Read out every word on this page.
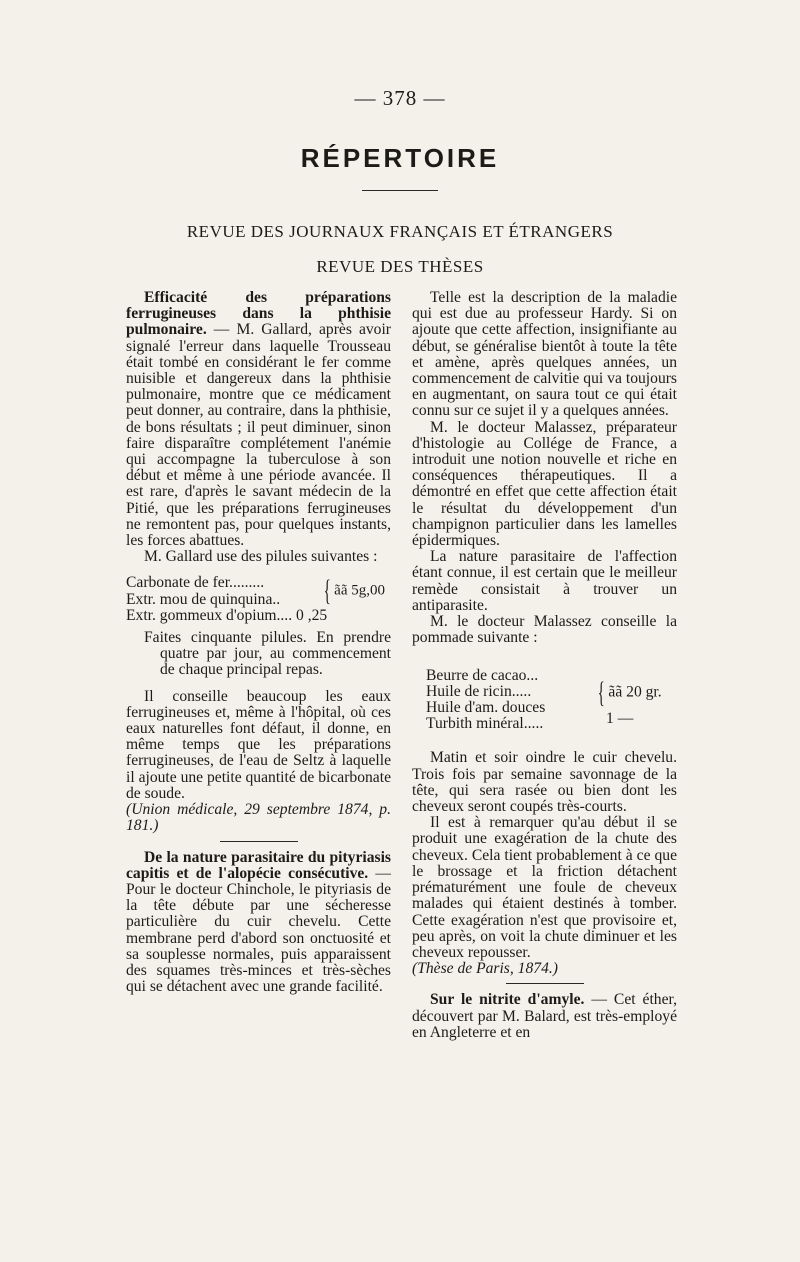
— 378 —
RÉPERTOIRE
REVUE DES JOURNAUX FRANÇAIS ET ÉTRANGERS
REVUE DES THÈSES

Efficacité des préparations ferrugineuses dans la phthisie pulmonaire. — M. Gallard, après avoir signalé l'erreur dans laquelle Trousseau était tombé en considérant le fer comme nuisible et dangereux dans la phthisie pulmonaire, montre que ce médicament peut donner, au contraire, dans la phthisie, de bons résultats ; il peut diminuer, sinon faire disparaître complétement l'anémie qui accompagne la tuberculose à son début et même à une période avancée. Il est rare, d'après le savant médecin de la Pitié, que les préparations ferrugineuses ne remontent pas, pour quelques instants, les forces abattues.

M. Gallard use des pilules suivantes :

Carbonate de fer.........
Extr. mou de quinquina..
Extr. gommeux d'opium.... 0 ,25
{ ãã 5g,00

Faites cinquante pilules. En prendre quatre par jour, au commencement de chaque principal repas.

Il conseille beaucoup les eaux ferrugineuses et, même à l'hôpital, où ces eaux naturelles font défaut, il donne, en même temps que les préparations ferrugineuses, de l'eau de Seltz à laquelle il ajoute une petite quantité de bicarbonate de soude.

(Union médicale, 29 septembre 1874, p. 181.)

De la nature parasitaire du pityriasis capitis et de l'alopécie consécutive. — Pour le docteur Chinchole, le pityriasis de la tête débute par une sécheresse particulière du cuir chevelu. Cette membrane perd d'abord son onctuosité et sa souplesse normales, puis apparaissent des squames très-minces et très-sèches qui se détachent avec une grande facilité.

Telle est la description de la maladie qui est due au professeur Hardy. Si on ajoute que cette affection, insignifiante au début, se généralise bientôt à toute la tête et amène, après quelques années, un commencement de calvitie qui va toujours en augmentant, on saura tout ce qui était connu sur ce sujet il y a quelques années.

M. le docteur Malassez, préparateur d'histologie au Collége de France, a introduit une notion nouvelle et riche en conséquences thérapeutiques. Il a démontré en effet que cette affection était le résultat du développement d'un champignon particulier dans les lamelles épidermiques.

La nature parasitaire de l'affection étant connue, il est certain que le meilleur remède consistait à trouver un antiparasite.

M. le docteur Malassez conseille la pommade suivante :

Beurre de cacao...
Huile de ricin.....
Huile d'am. douces
Turbith minéral.....
{ ãã 20 gr.
1 —

Matin et soir oindre le cuir chevelu. Trois fois par semaine savonnage de la tête, qui sera rasée ou bien dont les cheveux seront coupés très-courts.

Il est à remarquer qu'au début il se produit une exagération de la chute des cheveux. Cela tient probablement à ce que le brossage et la friction détachent prématurément une foule de cheveux malades qui étaient destinés à tomber. Cette exagération n'est que provisoire et, peu après, on voit la chute diminuer et les cheveux repousser.

(Thèse de Paris, 1874.)

Sur le nitrite d'amyle. — Cet éther, découvert par M. Balard, est très-employé en Angleterre et en
